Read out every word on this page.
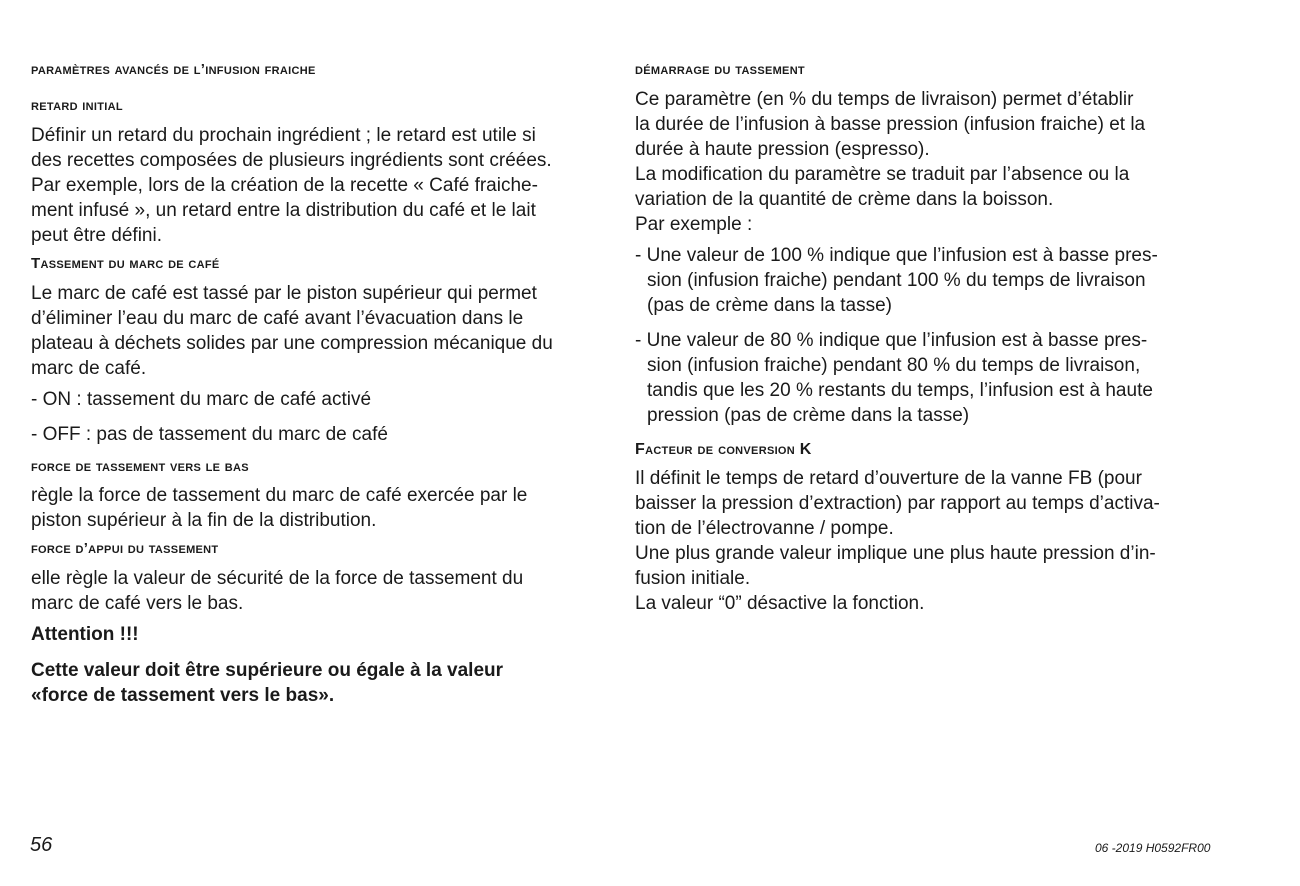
paramètres avancés de l’infusion fraiche
retard initial

Définir un retard du prochain ingrédient ; le retard est utile si
des recettes composées de plusieurs ingrédients sont créées.
Par exemple, lors de la création de la recette « Café fraiche-
ment infusé », un retard entre la distribution du café et le lait
peut être défini.

Tassement du marc de café

Le marc de café est tassé par le piston supérieur qui permet
d’éliminer l’eau du marc de café avant l’évacuation dans le
plateau à déchets solides par une compression mécanique du
marc de café.

- ON : tassement du marc de café activé
- OFF : pas de tassement du marc de café
force de tassement vers le bas

règle la force de tassement du marc de café exercée par le
piston supérieur à la fin de la distribution.

force d’appui du tassement

elle règle la valeur de sécurité de la force de tassement du
marc de café vers le bas.

Attention !!!
Cette valeur doit être supérieure ou égale à la valeur
«force de tassement vers le bas».
démarrage du tassement

Ce paramètre (en % du temps de livraison) permet d’établir
la durée de l’infusion à basse pression (infusion fraiche) et la
durée à haute pression (espresso).
La modification du paramètre se traduit par l’absence ou la
variation de la quantité de crème dans la boisson.
Par exemple :

- Une valeur de 100 % indique que l’infusion est à basse pres-
sion (infusion fraiche) pendant 100 % du temps de livraison
(pas de crème dans la tasse)
- Une valeur de 80 % indique que l’infusion est à basse pres-
sion (infusion fraiche) pendant 80 % du temps de livraison,
tandis que les 20 % restants du temps, l’infusion est à haute
pression (pas de crème dans la tasse)
Facteur de conversion K

Il définit le temps de retard d’ouverture de la vanne FB (pour
baisser la pression d’extraction) par rapport au temps d’activa-
tion de l’électrovanne / pompe.
Une plus grande valeur implique une plus haute pression d’in-
fusion initiale.
La valeur “0” désactive la fonction.

56	06 -2019 H0592FR00
